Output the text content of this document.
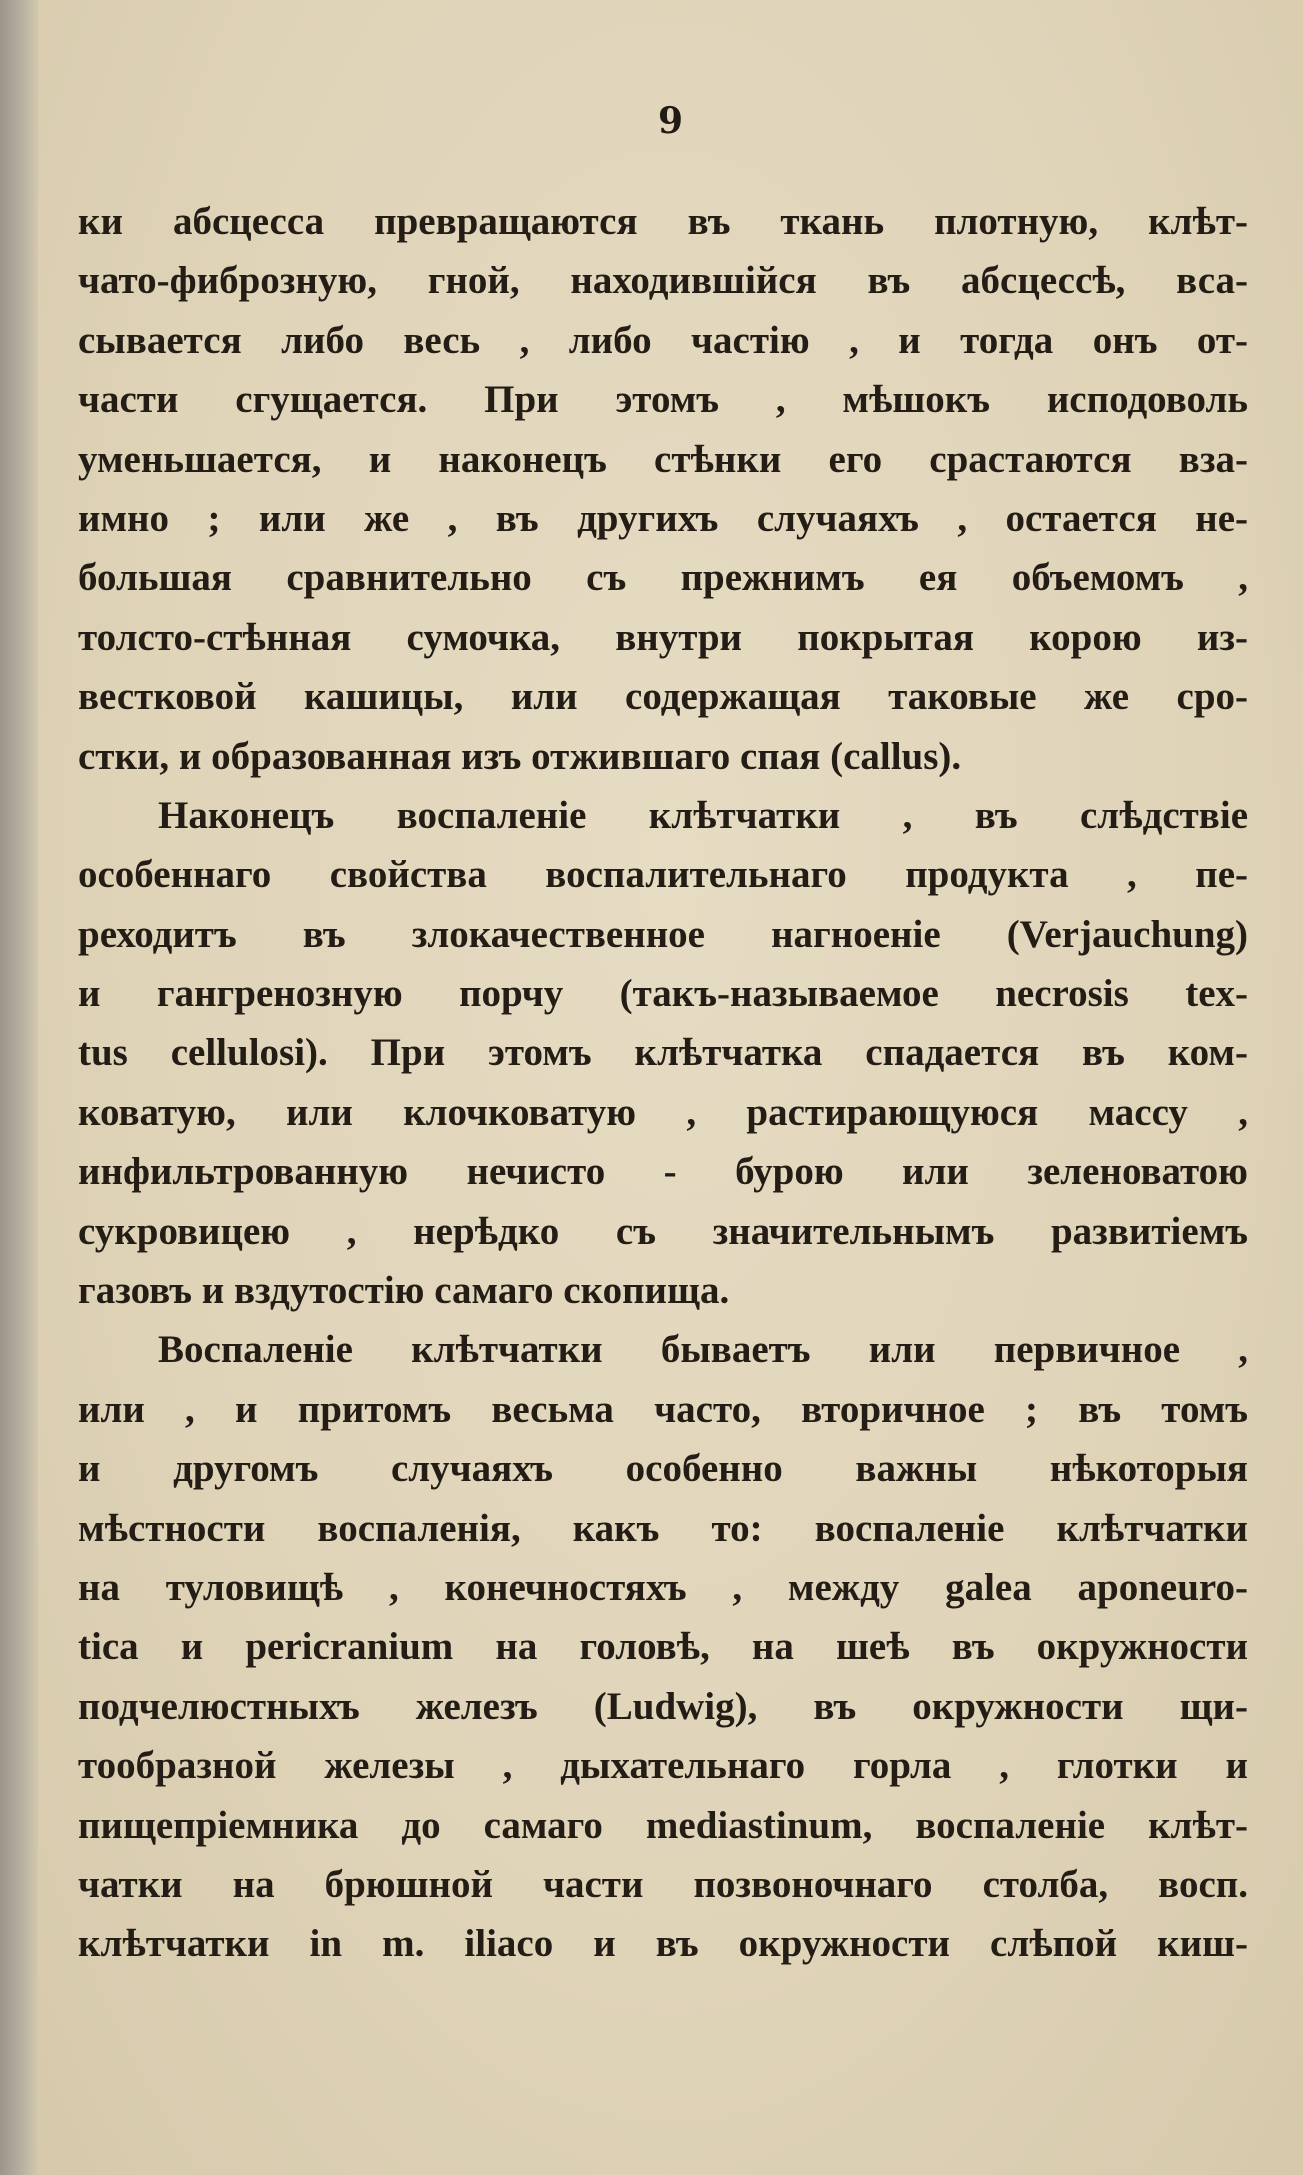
9
ки абсцесса превращаются въ ткань плотную, клѣт-
чато-фиброзную, гной, находившійся въ абсцессѣ, вса-
сывается либо весь , либо частію , и тогда онъ от-
части сгущается. При этомъ , мѣшокъ исподоволь
уменьшается, и наконецъ стѣнки его срастаются вза-
имно ; или же , въ другихъ случаяхъ , остается не-
большая сравнительно съ прежнимъ ея объемомъ ,
толсто-стѣнная сумочка, внутри покрытая корою из-
вестковой кашицы, или содержащая таковые же сро-
стки, и образованная изъ отжившаго спая (callus).
Наконецъ воспаленіе клѣтчатки , въ слѣдствіе
особеннаго свойства воспалительнаго продукта , пе-
реходитъ въ злокачественное нагноеніе (Verjauchung)
и гангренозную порчу (такъ-называемое necrosis tex-
tus cellulosi). При этомъ клѣтчатка спадается въ ком-
коватую, или клочковатую , растирающуюся массу ,
инфильтрованную нечисто - бурою или зеленоватою
сукровицею , нерѣдко съ значительнымъ развитіемъ
газовъ и вздутостію самаго скопища.
Воспаленіе клѣтчатки бываетъ или первичное ,
или , и притомъ весьма часто, вторичное ; въ томъ
и другомъ случаяхъ особенно важны нѣкоторыя
мѣстности воспаленія, какъ то: воспаленіе клѣтчатки
на туловищѣ , конечностяхъ , между galea aponeuro-
tica и pericranium на головѣ, на шеѣ въ окружности
подчелюстныхъ железъ (Ludwig), въ окружности щи-
тообразной железы , дыхательнаго горла , глотки и
пищепріемника до самаго mediastinum, воспаленіе клѣт-
чатки на брюшной части позвоночнаго столба, восп.
клѣтчатки in m. iliaco и въ окружности слѣпой киш-
